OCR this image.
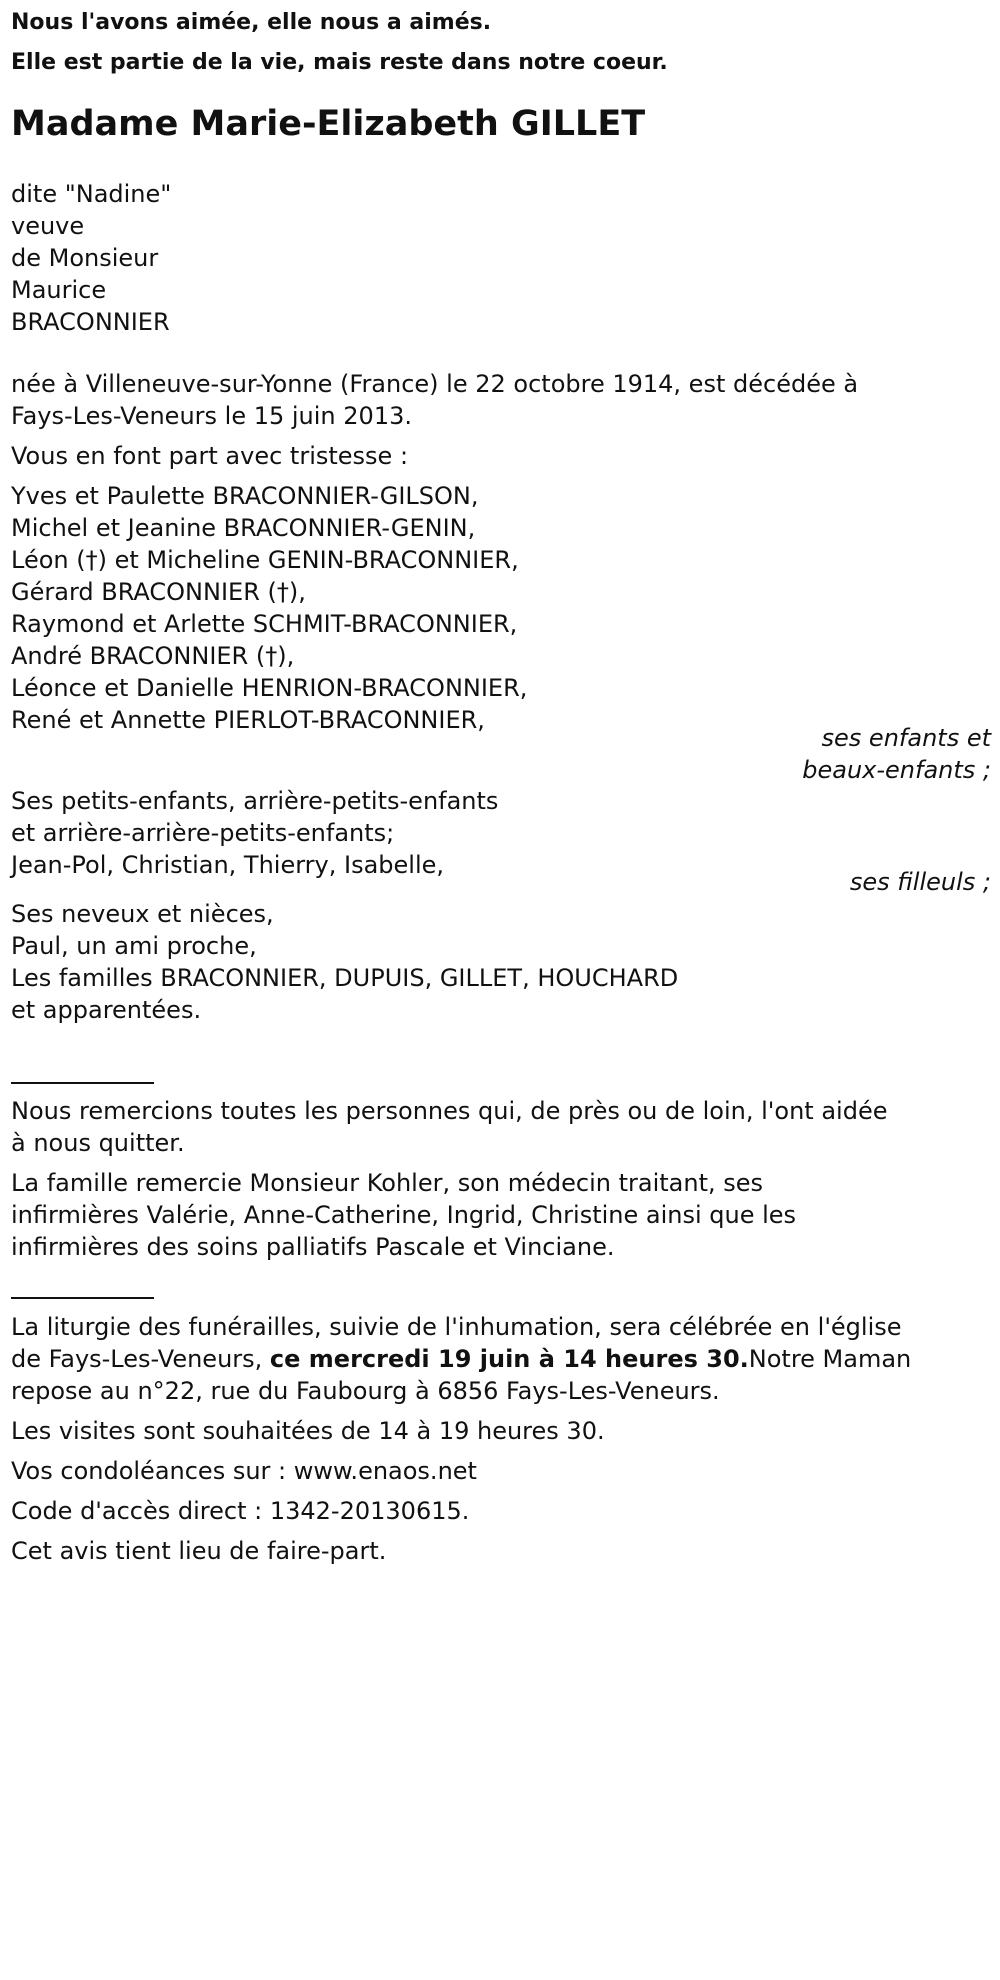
Nous l'avons aimée, elle nous a aimés.
Elle est partie de la vie, mais reste dans notre coeur.
Madame Marie-Elizabeth GILLET
dite "Nadine"
veuve
de Monsieur
Maurice
BRACONNIER
née à Villeneuve-sur-Yonne (France) le 22 octobre 1914, est décédée à
Fays-Les-Veneurs le 15 juin 2013.
Vous en font part avec tristesse :
Yves et Paulette BRACONNIER-GILSON,
Michel et Jeanine BRACONNIER-GENIN,
Léon (†) et Micheline GENIN-BRACONNIER,
Gérard BRACONNIER (†),
Raymond et Arlette SCHMIT-BRACONNIER,
André BRACONNIER (†),
Léonce et Danielle HENRION-BRACONNIER,
René et Annette PIERLOT-BRACONNIER,
ses enfants et
beaux-enfants ;
Ses petits-enfants, arrière-petits-enfants
et arrière-arrière-petits-enfants;
Jean-Pol, Christian, Thierry, Isabelle,
ses filleuls ;
Ses neveux et nièces,
Paul, un ami proche,
Les familles BRACONNIER, DUPUIS, GILLET, HOUCHARD
et apparentées.
Nous remercions toutes les personnes qui, de près ou de loin, l'ont aidée
à nous quitter.
La famille remercie Monsieur Kohler, son médecin traitant, ses
infirmières Valérie, Anne-Catherine, Ingrid, Christine ainsi que les
infirmières des soins palliatifs Pascale et Vinciane.
La liturgie des funérailles, suivie de l'inhumation, sera célébrée en l'église
de Fays-Les-Veneurs, ce mercredi 19 juin à 14 heures 30.Notre Maman
repose au n°22, rue du Faubourg à 6856 Fays-Les-Veneurs.
Les visites sont souhaitées de 14 à 19 heures 30.
Vos condoléances sur : www.enaos.net
Code d'accès direct : 1342-20130615.
Cet avis tient lieu de faire-part.
